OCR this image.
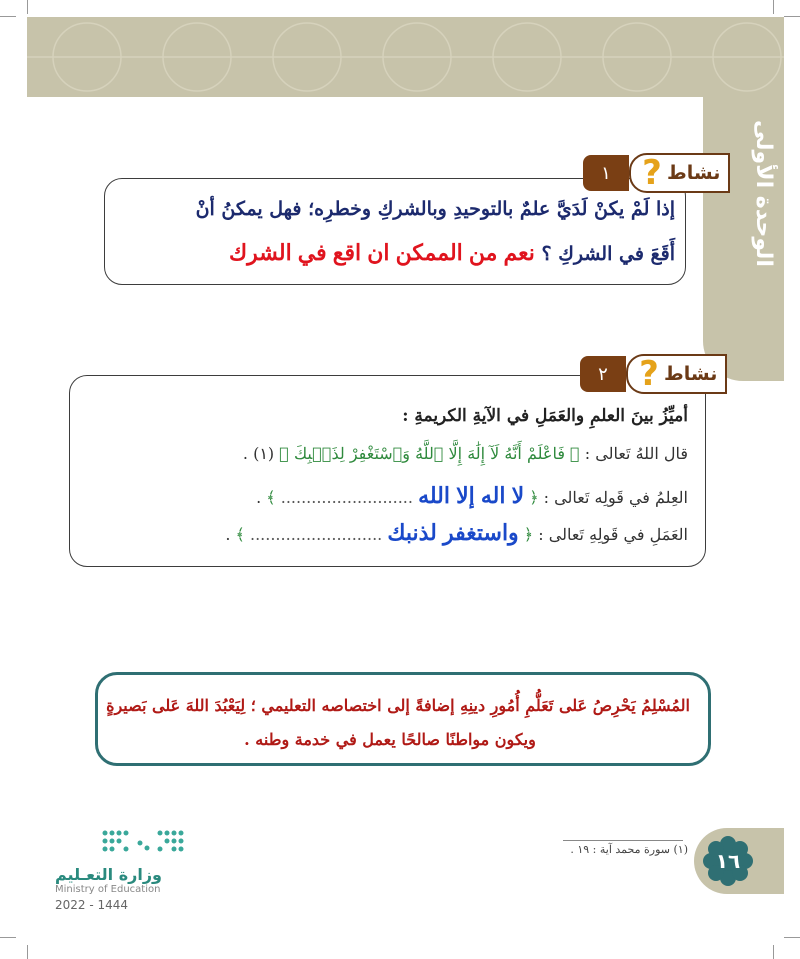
الوحدة الأولى
? نشاط
١
إذا لَمْ يكنْ لَدَيَّ علمٌ بالتوحيدِ وبالشركِ وخطرِه؛ فهل يمكنُ أنْ
أَقَعَ في الشركِ ؟ نعم من الممكن ان اقع في الشرك
? نشاط
٢
أميِّزُ بينَ العلمِ والعَمَلِ في الآيةِ الكريمةِ :
قال اللهُ تَعالى : ﴿ فَاعْلَمْ أَنَّهُ لَآ إِلَٰهَ إِلَّا ٱللَّهُ وَٱسْتَغْفِرْ لِذَنۢبِكَ ﴾ (١) .
العِلمُ في قَولِه تَعالى : ﴿ لا اله إلا الله .......................... ﴾ .
العَمَلِ في قَولِهِ تَعالى : ﴿ واستغفر لذنبك .......................... ﴾ .
المُسْلِمُ يَحْرِصُ عَلى تَعَلُّمِ أُمُورِ دينِهِ إضافةً إلى اختصاصه التعليمي ؛ لِيَعْبُدَ اللهَ عَلى بَصيرةٍ
ويكون مواطنًا صالحًا يعمل في خدمة وطنه .
(١) سورة محمد آية : ١٩ .	١٦
وزارة التعـليم
Ministry of Education
2022 - 1444
